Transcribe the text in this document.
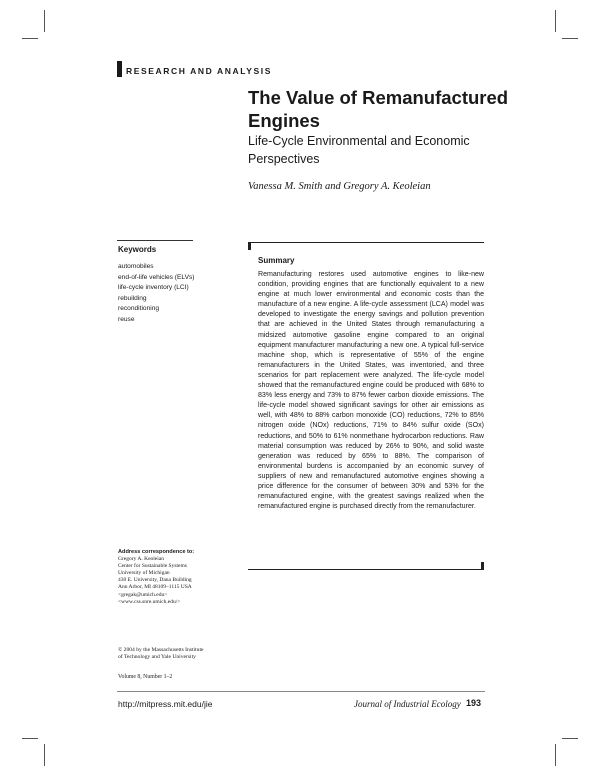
RESEARCH AND ANALYSIS
The Value of Remanufactured Engines
Life-Cycle Environmental and Economic Perspectives

Vanessa M. Smith and Gregory A. Keoleian

Keywords
automobiles
end-of-life vehicles (ELVs)
life-cycle inventory (LCI)
rebuilding
reconditioning
reuse
Summary

Remanufacturing restores used automotive engines to like-new condition, providing engines that are functionally equivalent to a new engine at much lower environmental and economic costs than the manufacture of a new engine. A life-cycle assessment (LCA) model was developed to investigate the energy savings and pollution prevention that are achieved in the United States through remanufacturing a midsized automotive gasoline engine compared to an original equipment manufacturer manufacturing a new one. A typical full-service machine shop, which is representative of 55% of the engine remanufacturers in the United States, was inventoried, and three scenarios for part replacement were analyzed. The life-cycle model showed that the remanufactured engine could be produced with 68% to 83% less energy and 73% to 87% fewer carbon dioxide emissions. The life-cycle model showed significant savings for other air emissions as well, with 48% to 88% carbon monoxide (CO) reductions, 72% to 85% nitrogen oxide (NOx) reductions, 71% to 84% sulfur oxide (SOx) reductions, and 50% to 61% nonmethane hydrocarbon reductions. Raw material consumption was reduced by 26% to 90%, and solid waste generation was reduced by 65% to 88%. The comparison of environmental burdens is accompanied by an economic survey of suppliers of new and remanufactured automotive engines showing a price difference for the consumer of between 30% and 53% for the remanufactured engine, with the greatest savings realized when the remanufactured engine is purchased directly from the remanufacturer.

Address correspondence to:
Gregory A. Keoleian
Center for Sustainable Systems
University of Michigan
430 E. University, Dana Building
Ann Arbor, MI 48109–1115 USA
<gregak@umich.edu>
<www.css.snre.umich.edu/>
© 2004 by the Massachusetts Institute
of Technology and Yale University
Volume 8, Number 1–2
http://mitpress.mit.edu/jie	Journal of Industrial Ecology 193
